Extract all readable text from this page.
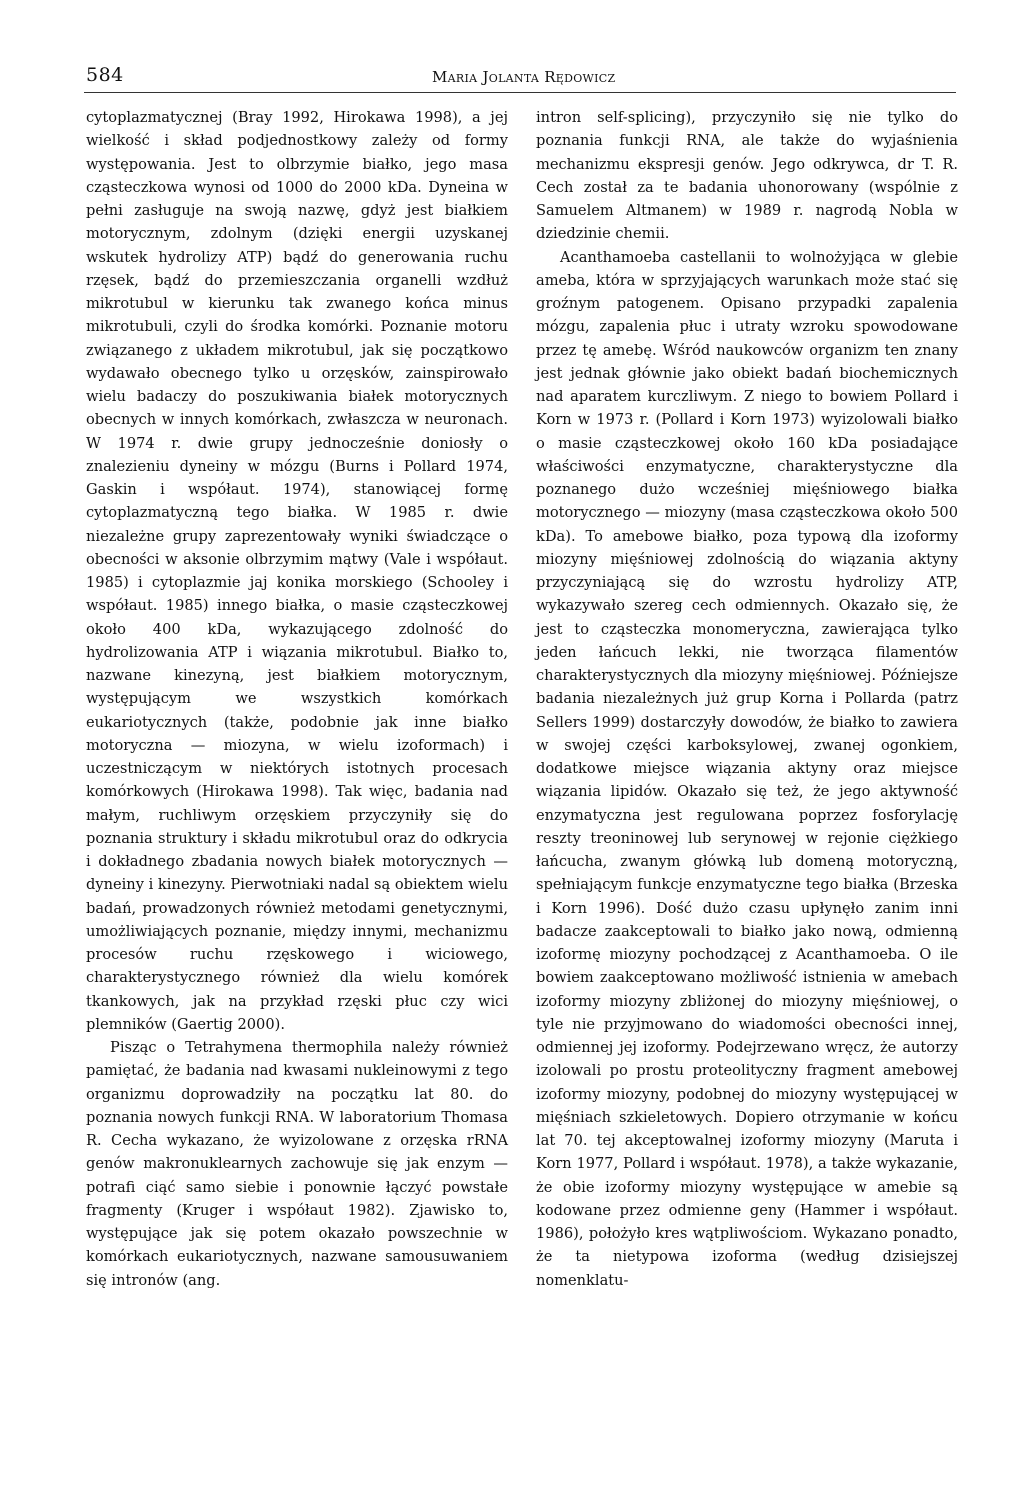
584	Maria Jolanta Rędowicz

cytoplazmatycznej (Bray 1992, Hirokawa 1998), a jej wielkość i skład podjednostkowy zależy od formy występowania. Jest to olbrzymie białko, jego masa cząsteczkowa wynosi od 1000 do 2000 kDa. Dyneina w pełni zasługuje na swoją nazwę, gdyż jest białkiem motorycznym, zdolnym (dzięki energii uzyskanej wskutek hydrolizy ATP) bądź do generowania ruchu rzęsek, bądź do przemieszczania organelli wzdłuż mikrotubul w kierunku tak zwanego końca minus mikrotubuli, czyli do środka komórki. Poznanie motoru związanego z układem mikrotubul, jak się początkowo wydawało obecnego tylko u orzęsków, zainspirowało wielu badaczy do poszukiwania białek motorycznych obecnych w innych komórkach, zwłaszcza w neuronach. W 1974 r. dwie grupy jednocześnie doniosły o znalezieniu dyneiny w mózgu (Burns i Pollard 1974, Gaskin i współaut. 1974), stanowiącej formę cytoplazmatyczną tego białka. W 1985 r. dwie niezależne grupy zaprezentowały wyniki świadczące o obecności w aksonie olbrzymim mątwy (Vale i współaut. 1985) i cytoplazmie jaj konika morskiego (Schooley i współaut. 1985) innego białka, o masie cząsteczkowej około 400 kDa, wykazującego zdolność do hydrolizowania ATP i wiązania mikrotubul. Białko to, nazwane kinezyną, jest białkiem motorycznym, występującym we wszystkich komórkach eukariotycznych (także, podobnie jak inne białko motoryczna — miozyna, w wielu izoformach) i uczestniczącym w niektórych istotnych procesach komórkowych (Hirokawa 1998). Tak więc, badania nad małym, ruchliwym orzęskiem przyczyniły się do poznania struktury i składu mikrotubul oraz do odkrycia i dokładnego zbadania nowych białek motorycznych — dyneiny i kinezyny. Pierwotniaki nadal są obiektem wielu badań, prowadzonych również metodami genetycznymi, umożliwiających poznanie, między innymi, mechanizmu procesów ruchu rzęskowego i wiciowego, charakterystycznego również dla wielu komórek tkankowych, jak na przykład rzęski płuc czy wici plemników (Gaertig 2000).

Pisząc o Tetrahymena thermophila należy również pamiętać, że badania nad kwasami nukleinowymi z tego organizmu doprowadziły na początku lat 80. do poznania nowych funkcji RNA. W laboratorium Thomasa R. Cecha wykazano, że wyizolowane z orzęska rRNA genów makronuklearnych zachowuje się jak enzym — potrafi ciąć samo siebie i ponownie łączyć powstałe fragmenty (Kruger i współaut 1982). Zjawisko to, występujące jak się potem okazało powszechnie w komórkach eukariotycznych, nazwane samousuwaniem się intronów (ang.

intron self-splicing), przyczyniło się nie tylko do poznania funkcji RNA, ale także do wyjaśnienia mechanizmu ekspresji genów. Jego odkrywca, dr T. R. Cech został za te badania uhonorowany (wspólnie z Samuelem Altmanem) w 1989 r. nagrodą Nobla w dziedzinie chemii.

Acanthamoeba castellanii to wolnożyjąca w glebie ameba, która w sprzyjających warunkach może stać się groźnym patogenem. Opisano przypadki zapalenia mózgu, zapalenia płuc i utraty wzroku spowodowane przez tę amebę. Wśród naukowców organizm ten znany jest jednak głównie jako obiekt badań biochemicznych nad aparatem kurczliwym. Z niego to bowiem Pollard i Korn w 1973 r. (Pollard i Korn 1973) wyizolowali białko o masie cząsteczkowej około 160 kDa posiadające właściwości enzymatyczne, charakterystyczne dla poznanego dużo wcześniej mięśniowego białka motorycznego — miozyny (masa cząsteczkowa około 500 kDa). To amebowe białko, poza typową dla izoformy miozyny mięśniowej zdolnością do wiązania aktyny przyczyniającą się do wzrostu hydrolizy ATP, wykazywało szereg cech odmiennych. Okazało się, że jest to cząsteczka monomeryczna, zawierająca tylko jeden łańcuch lekki, nie tworząca filamentów charakterystycznych dla miozyny mięśniowej. Późniejsze badania niezależnych już grup Korna i Pollarda (patrz Sellers 1999) dostarczyły dowodów, że białko to zawiera w swojej części karboksylowej, zwanej ogonkiem, dodatkowe miejsce wiązania aktyny oraz miejsce wiązania lipidów. Okazało się też, że jego aktywność enzymatyczna jest regulowana poprzez fosforylację reszty treoninowej lub serynowej w rejonie ciężkiego łańcucha, zwanym główką lub domeną motoryczną, spełniającym funkcje enzymatyczne tego białka (Brzeska i Korn 1996). Dość dużo czasu upłynęło zanim inni badacze zaakceptowali to białko jako nową, odmienną izoformę miozyny pochodzącej z Acanthamoeba. O ile bowiem zaakceptowano możliwość istnienia w amebach izoformy miozyny zbliżonej do miozyny mięśniowej, o tyle nie przyjmowano do wiadomości obecności innej, odmiennej jej izoformy. Podejrzewano wręcz, że autorzy izolowali po prostu proteolityczny fragment amebowej izoformy miozyny, podobnej do miozyny występującej w mięśniach szkieletowych. Dopiero otrzymanie w końcu lat 70. tej akceptowalnej izoformy miozyny (Maruta i Korn 1977, Pollard i współaut. 1978), a także wykazanie, że obie izoformy miozyny występujące w amebie są kodowane przez odmienne geny (Hammer i współaut. 1986), położyło kres wątpliwościom. Wykazano ponadto, że ta nietypowa izoforma (według dzisiejszej nomenklatu-
